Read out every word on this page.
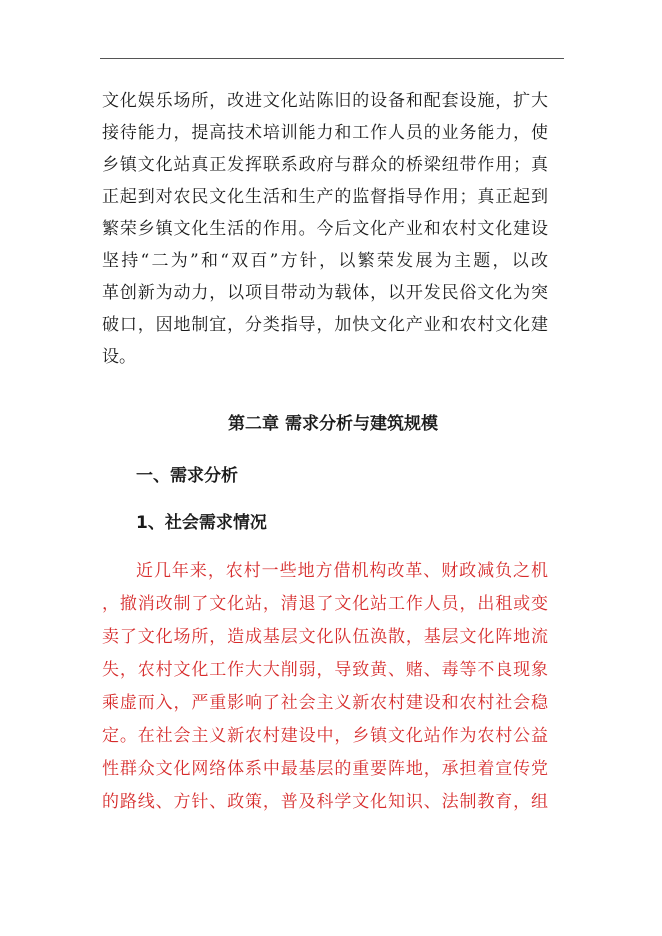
文化娱乐场所，改进文化站陈旧的设备和配套设施，扩大
接待能力，提高技术培训能力和工作人员的业务能力，使
乡镇文化站真正发挥联系政府与群众的桥梁纽带作用；真
正起到对农民文化生活和生产的监督指导作用；真正起到
繁荣乡镇文化生活的作用。今后文化产业和农村文化建设
坚持“二为”和“双百”方针，以繁荣发展为主题，以改
革创新为动力，以项目带动为载体，以开发民俗文化为突
破口，因地制宜，分类指导，加快文化产业和农村文化建
设。
第二章 需求分析与建筑规模
一、需求分析
1、社会需求情况
近几年来，农村一些地方借机构改革、财政减负之机
，撤消改制了文化站，清退了文化站工作人员，出租或变
卖了文化场所，造成基层文化队伍涣散，基层文化阵地流
失，农村文化工作大大削弱，导致黄、赌、毒等不良现象
乘虚而入，严重影响了社会主义新农村建设和农村社会稳
定。在社会主义新农村建设中，乡镇文化站作为农村公益
性群众文化网络体系中最基层的重要阵地，承担着宣传党
的路线、方针、政策，普及科学文化知识、法制教育，组
